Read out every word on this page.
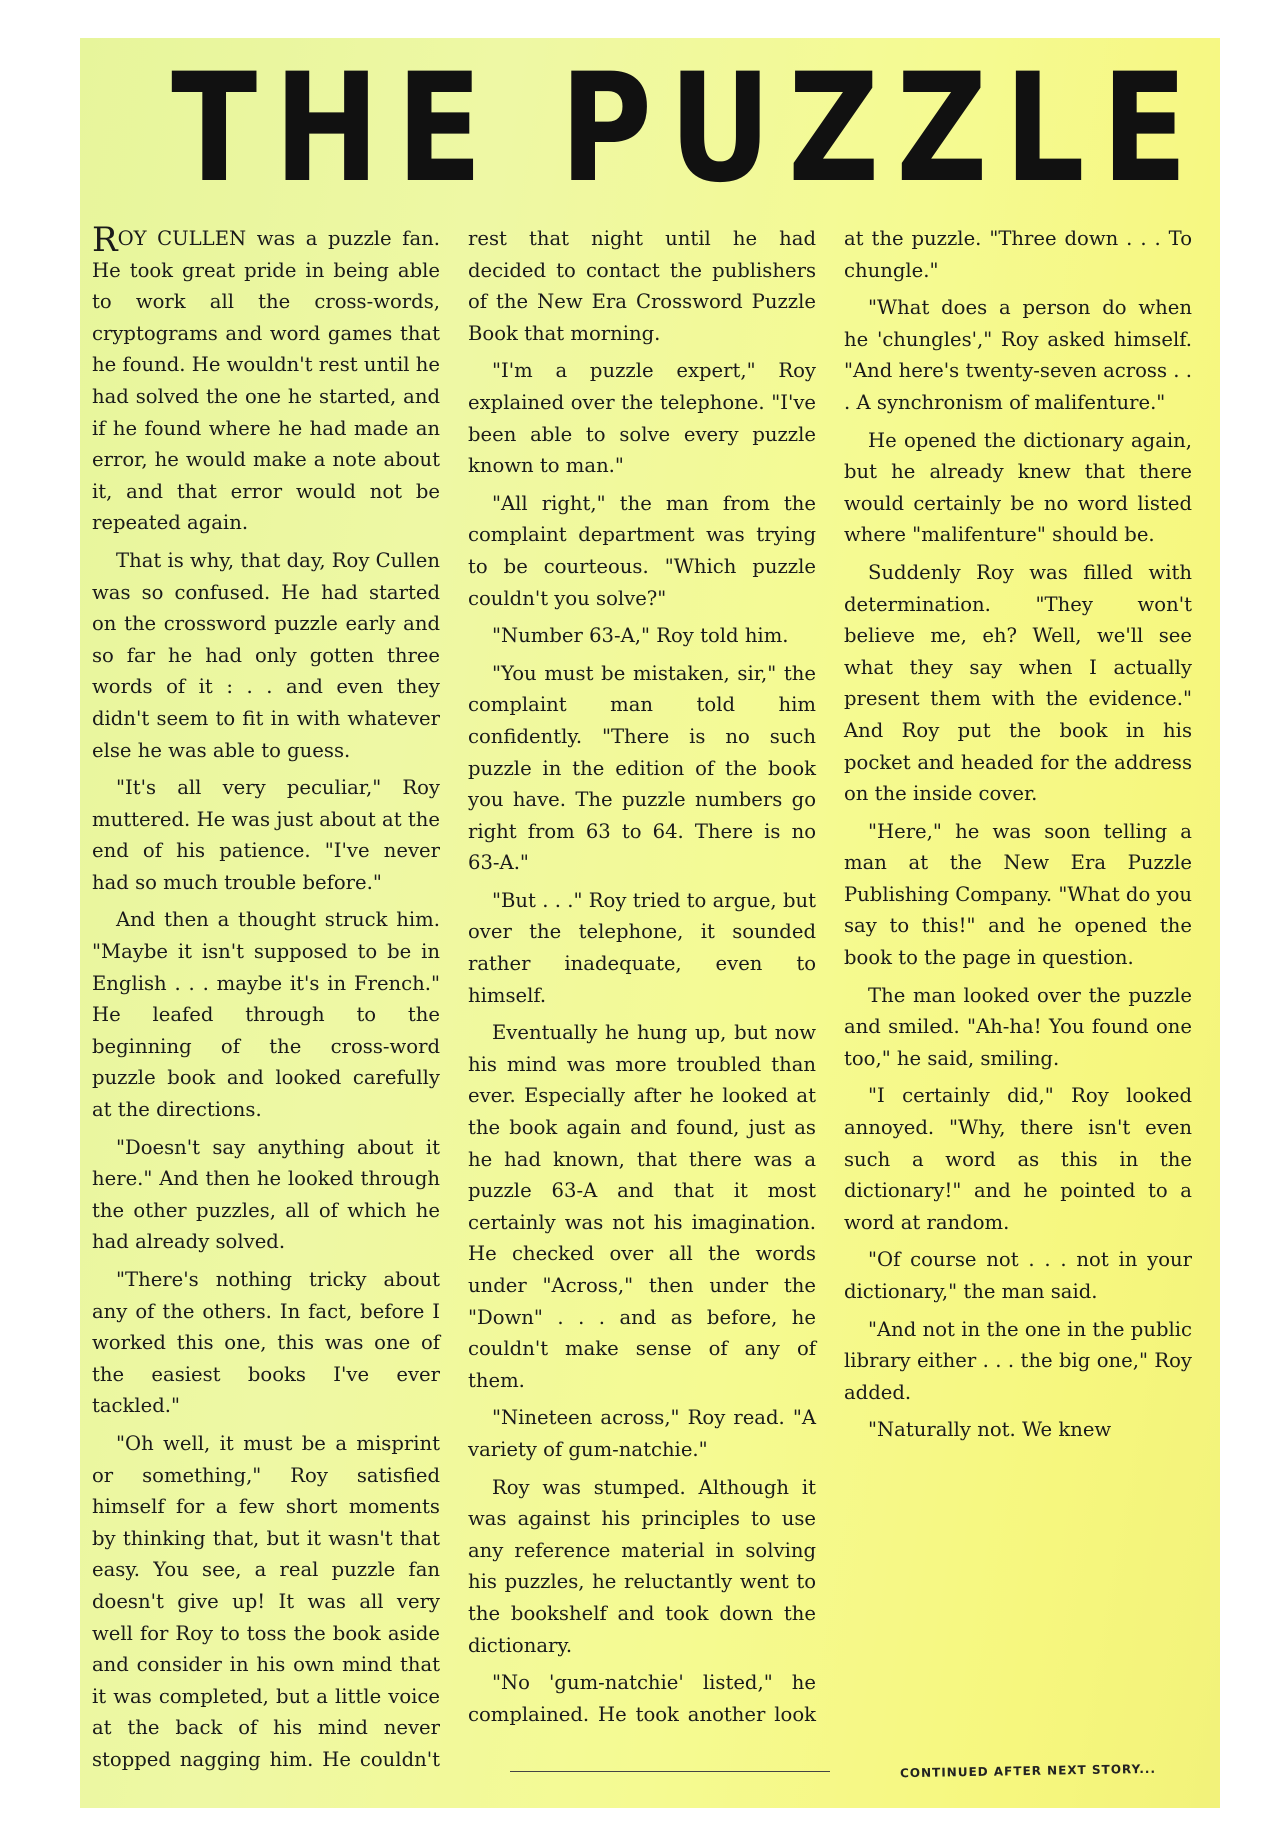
THE PUZZLE

ROY CULLEN was a puzzle fan. He took great pride in being able to work all the cross-words, cryptograms and word games that he found. He wouldn't rest until he had solved the one he started, and if he found where he had made an error, he would make a note about it, and that error would not be repeated again.

That is why, that day, Roy Cullen was so confused. He had started on the crossword puzzle early and so far he had only gotten three words of it : . . and even they didn't seem to fit in with whatever else he was able to guess.

"It's all very peculiar," Roy muttered. He was just about at the end of his patience. "I've never had so much trouble before."

And then a thought struck him. "Maybe it isn't supposed to be in English . . . maybe it's in French." He leafed through to the beginning of the cross-word puzzle book and looked carefully at the directions.

"Doesn't say anything about it here." And then he looked through the other puzzles, all of which he had already solved.

"There's nothing tricky about any of the others. In fact, before I worked this one, this was one of the easiest books I've ever tackled."

"Oh well, it must be a misprint or something," Roy satisfied himself for a few short moments by thinking that, but it wasn't that easy. You see, a real puzzle fan doesn't give up! It was all very well for Roy to toss the book aside and consider in his own mind that it was completed, but a little voice at the back of his mind never stopped nagging him. He couldn't rest that night until he had decided to contact the publishers of the New Era Crossword Puzzle Book that morning.

"I'm a puzzle expert," Roy explained over the telephone. "I've been able to solve every puzzle known to man."

"All right," the man from the complaint department was trying to be courteous. "Which puzzle couldn't you solve?"

"Number 63-A," Roy told him.

"You must be mistaken, sir," the complaint man told him confidently. "There is no such puzzle in the edition of the book you have. The puzzle numbers go right from 63 to 64. There is no 63-A."

"But . . ." Roy tried to argue, but over the telephone, it sounded rather inadequate, even to himself.

Eventually he hung up, but now his mind was more troubled than ever. Especially after he looked at the book again and found, just as he had known, that there was a puzzle 63-A and that it most certainly was not his imagination. He checked over all the words under "Across," then under the "Down" . . . and as before, he couldn't make sense of any of them.

"Nineteen across," Roy read. "A variety of gum-natchie."

Roy was stumped. Although it was against his principles to use any reference material in solving his puzzles, he reluctantly went to the bookshelf and took down the dictionary.

"No 'gum-natchie' listed," he complained. He took another look at the puzzle. "Three down . . . To chungle."

"What does a person do when he 'chungles'," Roy asked himself. "And here's twenty-seven across . . . A synchronism of malifenture."

He opened the dictionary again, but he already knew that there would certainly be no word listed where "malifenture" should be.

Suddenly Roy was filled with determination. "They won't believe me, eh? Well, we'll see what they say when I actually present them with the evidence." And Roy put the book in his pocket and headed for the address on the inside cover.

"Here," he was soon telling a man at the New Era Puzzle Publishing Company. "What do you say to this!" and he opened the book to the page in question.

The man looked over the puzzle and smiled. "Ah-ha! You found one too," he said, smiling.

"I certainly did," Roy looked annoyed. "Why, there isn't even such a word as this in the dictionary!" and he pointed to a word at random.

"Of course not . . . not in your dictionary," the man said.

"And not in the one in the public library either . . . the big one," Roy added.

"Naturally not. We knew

CONTINUED AFTER NEXT STORY...
